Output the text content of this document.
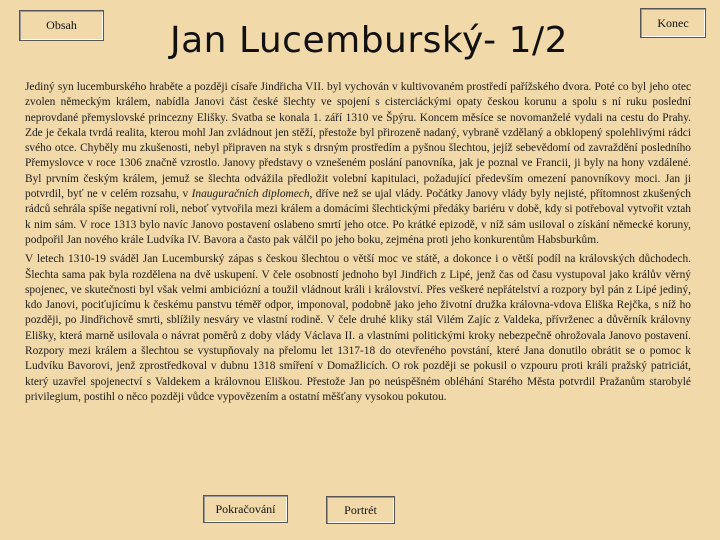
Obsah	Konec
Jan Lucemburský- 1/2

Jediný syn lucemburského hraběte a později císaře Jindřicha VII. byl vychován v kultivovaném prostředí pařížského dvora. Poté co byl jeho otec zvolen německým králem, nabídla Janovi část české šlechty ve spojení s cisterciáckými opaty českou korunu a spolu s ní ruku poslední neprovdané přemyslovské princezny Elišky. Svatba se konala 1. září 1310 ve Špýru. Koncem měsíce se novomanželé vydali na cestu do Prahy. Zde je čekala tvrdá realita, kterou mohl Jan zvládnout jen stěží, přestože byl přirozeně nadaný, vybraně vzdělaný a obklopený spolehlivými rádci svého otce. Chyběly mu zkušenosti, nebyl připraven na styk s drsným prostředím a pyšnou šlechtou, jejíž sebevědomí od zavraždění posledního Přemyslovce v roce 1306 značně vzrostlo. Janovy představy o vznešeném poslání panovníka, jak je poznal ve Francii, ji byly na hony vzdálené. Byl prvním českým králem, jemuž se šlechta odvážila předložit volební kapitulaci, požadující především omezení panovníkovy moci. Jan ji potvrdil, byť ne v celém rozsahu, v Inauguračních diplomech, dříve než se ujal vlády. Počátky Janovy vlády byly nejisté, přítomnost zkušených rádců sehrála spíše negativní roli, neboť vytvořila mezi králem a domácími šlechtickými předáky bariéru v době, kdy si potřeboval vytvořit vztah k nim sám. V roce 1313 bylo navíc Janovo postavení oslabeno smrtí jeho otce. Po krátké epizodě, v níž sám usiloval o získání německé koruny, podpořil Jan nového krále Ludvíka IV. Bavora a často pak válčil po jeho boku, zejména proti jeho konkurentům Habsburkům.

V letech 1310-19 sváděl Jan Lucemburský zápas s českou šlechtou o větší moc ve státě, a dokonce i o větší podíl na královských důchodech. Šlechta sama pak byla rozdělena na dvě uskupení. V čele osobností jednoho byl Jindřich z Lipé, jenž čas od času vystupoval jako králův věrný spojenec, ve skutečnosti byl však velmi ambiciózní a toužil vládnout králi i království. Přes veškeré nepřátelství a rozpory byl pán z Lipé jediný, kdo Janovi, pociťujícímu k českému panstvu téměř odpor, imponoval, podobně jako jeho životní družka královna-vdova Eliška Rejčka, s níž ho později, po Jindřichově smrti, sblížily nesváry ve vlastní rodině. V čele druhé kliky stál Vilém Zajíc z Valdeka, přívrženec a důvěrník královny Elišky, která marně usilovala o návrat poměrů z doby vlády Václava II. a vlastními politickými kroky nebezpečně ohrožovala Janovo postavení. Rozpory mezi králem a šlechtou se vystupňovaly na přelomu let 1317-18 do otevřeného povstání, které Jana donutilo obrátit se o pomoc k Ludvíku Bavorovi, jenž zprostředkoval v dubnu 1318 smíření v Domažlicích. O rok později se pokusil o vzpouru proti králi pražský patriciát, který uzavřel spojenectví s Valdekem a královnou Eliškou. Přestože Jan po neúspěšném obléhání Starého Města potvrdil Pražanům starobylé privilegium, postihl o něco později vůdce vypovězením a ostatní měšťany vysokou pokutou.

Pokračování	Portrét
